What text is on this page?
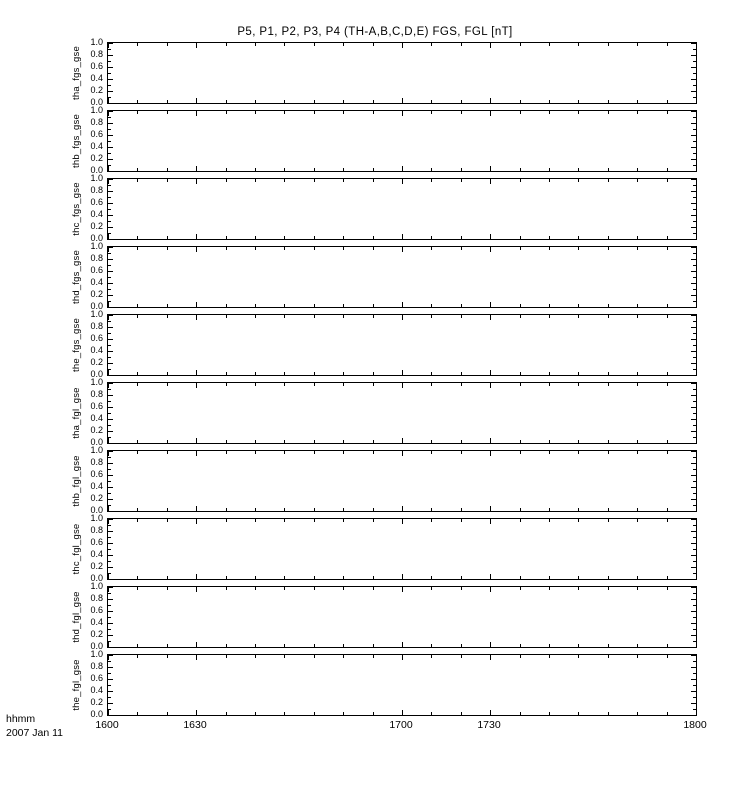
P5, P1, P2, P3, P4 (TH-A,B,C,D,E) FGS, FGL [nT]
0.0
0.2
0.4
0.6
0.8
1.0
tha_fgs_gse
0.0
0.2
0.4
0.6
0.8
1.0
thb_fgs_gse
0.0
0.2
0.4
0.6
0.8
1.0
thc_fgs_gse
0.0
0.2
0.4
0.6
0.8
1.0
thd_fgs_gse
0.0
0.2
0.4
0.6
0.8
1.0
the_fgs_gse
0.0
0.2
0.4
0.6
0.8
1.0
tha_fgl_gse
0.0
0.2
0.4
0.6
0.8
1.0
thb_fgl_gse
0.0
0.2
0.4
0.6
0.8
1.0
thc_fgl_gse
0.0
0.2
0.4
0.6
0.8
1.0
thd_fgl_gse
0.0
0.2
0.4
0.6
0.8
1.0
the_fgl_gse
1600	1630	1700	1730	1800
hhmm
2007 Jan 11
